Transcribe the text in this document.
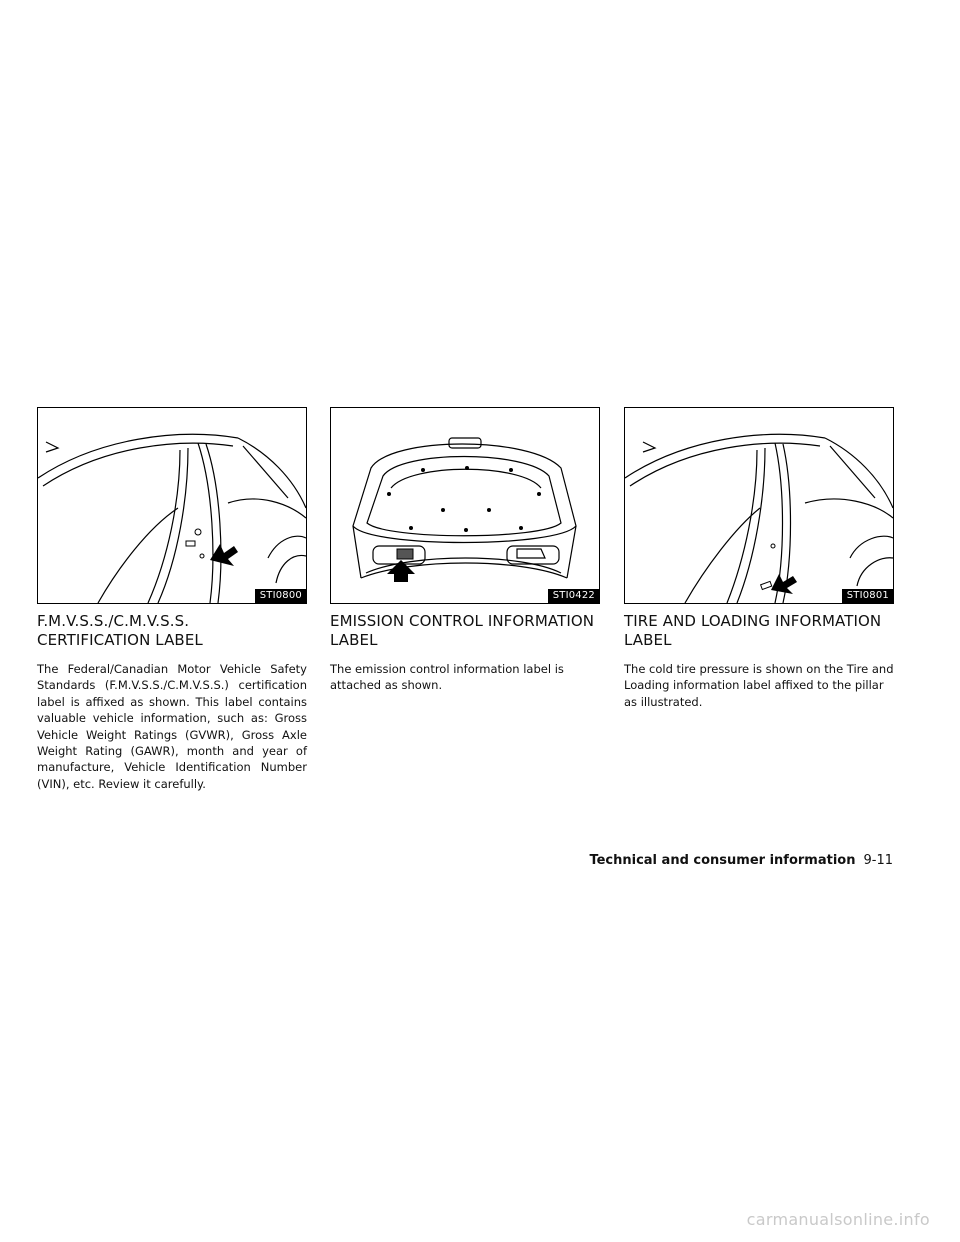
STI0800
F.M.V.S.S./C.M.V.S.S. CERTIFICATION LABEL

The Federal/Canadian Motor Vehicle Safety Standards (F.M.V.S.S./C.M.V.S.S.) certification label is affixed as shown. This label contains valuable vehicle information, such as: Gross Vehicle Weight Ratings (GVWR), Gross Axle Weight Rating (GAWR), month and year of manufacture, Vehicle Identification Number (VIN), etc. Review it carefully.

STI0422
EMISSION CONTROL INFORMATION LABEL

The emission control information label is attached as shown.

STI0801
TIRE AND LOADING INFORMATION LABEL

The cold tire pressure is shown on the Tire and Loading information label affixed to the pillar as illustrated.

Technical and consumer information 9-11
carmanualsonline.info
